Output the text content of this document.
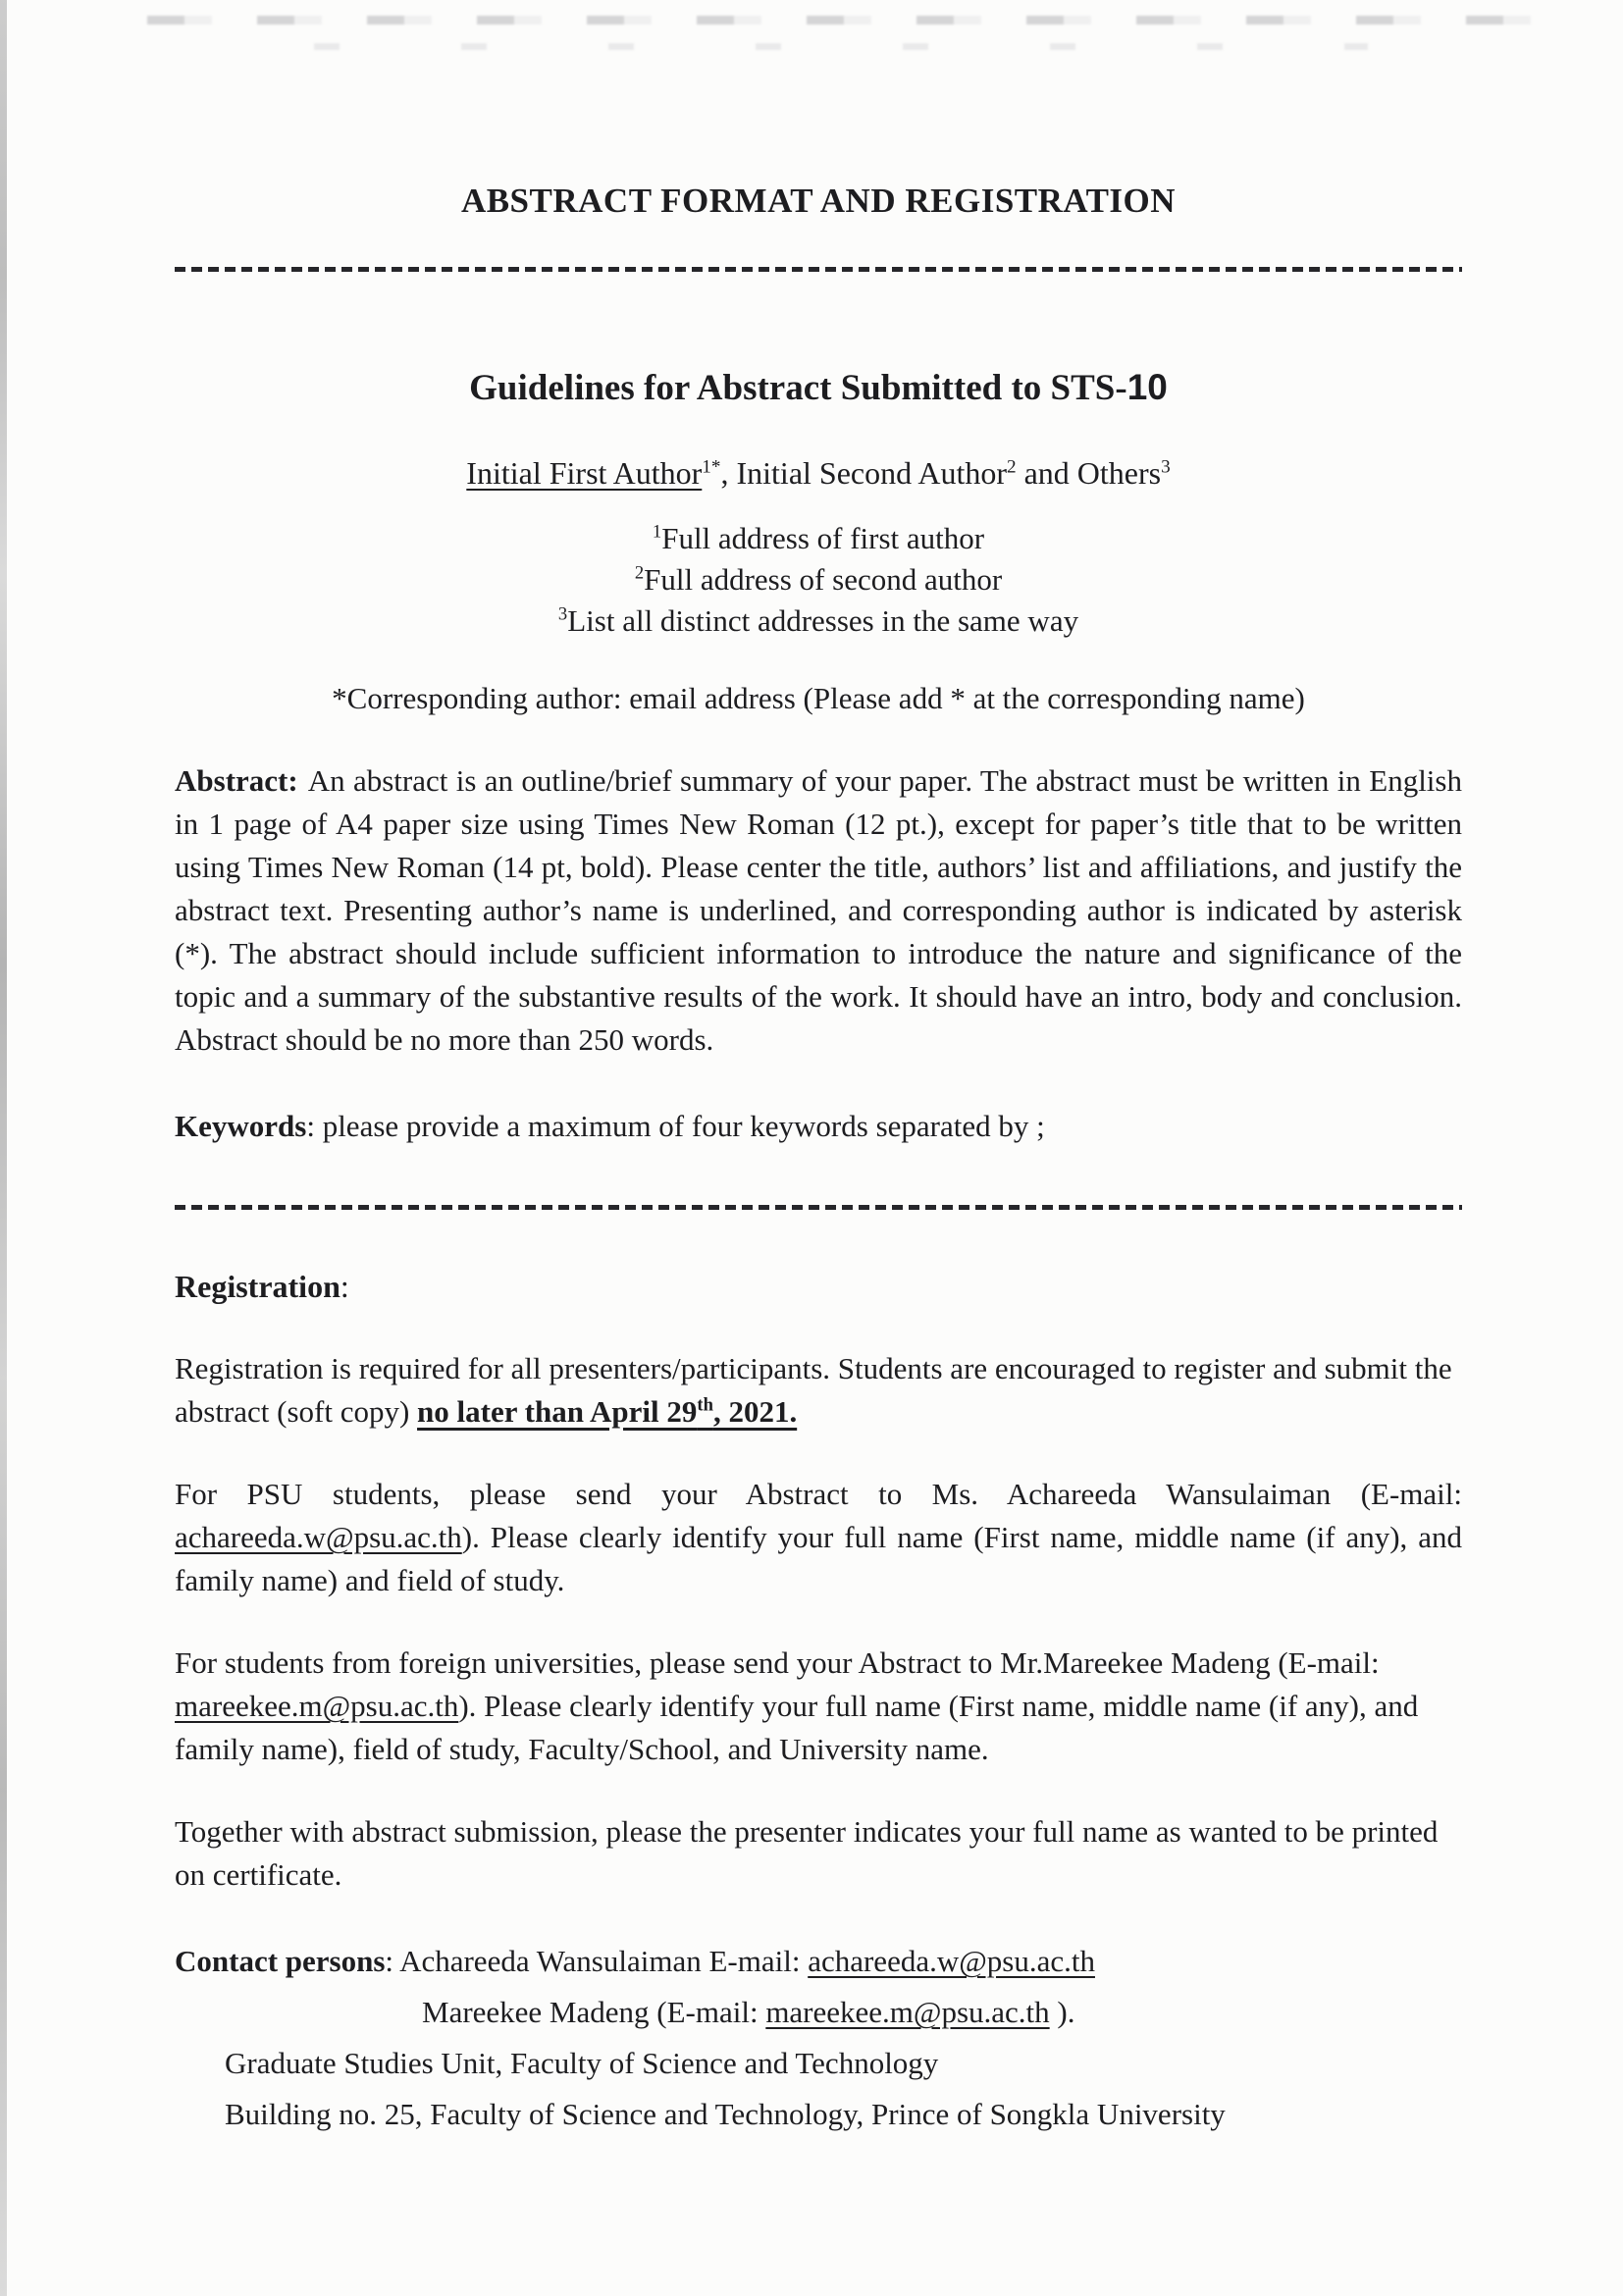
ABSTRACT FORMAT AND REGISTRATION
Guidelines for Abstract Submitted to STS-10
Initial First Author$^{1*}$, Initial Second Author$^2$ and Others$^3$
$^1$Full address of first author
$^2$Full address of second author
$^3$List all distinct addresses in the same way
*Corresponding author: email address (Please add * at the corresponding name)
Abstract: An abstract is an outline/brief summary of your paper. The abstract must be written in English in 1 page of A4 paper size using Times New Roman (12 pt.), except for paper’s title that to be written using Times New Roman (14 pt, bold). Please center the title, authors’ list and affiliations, and justify the abstract text. Presenting author’s name is underlined, and corresponding author is indicated by asterisk (*). The abstract should include sufficient information to introduce the nature and significance of the topic and a summary of the substantive results of the work. It should have an intro, body and conclusion. Abstract should be no more than 250 words.
Keywords: please provide a maximum of four keywords separated by ;
Registration:
Registration is required for all presenters/participants. Students are encouraged to register and submit the abstract (soft copy) no later than April 29th, 2021.
For PSU students, please send your Abstract to Ms. Achareeda Wansulaiman (E-mail: achareeda.w@psu.ac.th). Please clearly identify your full name (First name, middle name (if any), and family name) and field of study.
For students from foreign universities, please send your Abstract to Mr.Mareekee Madeng (E-mail: mareekee.m@psu.ac.th). Please clearly identify your full name (First name, middle name (if any), and family name), field of study, Faculty/School, and University name.
Together with abstract submission, please the presenter indicates your full name as wanted to be printed on certificate.
Contact persons: Achareeda Wansulaiman E-mail: achareeda.w@psu.ac.th
Mareekee Madeng (E-mail: mareekee.m@psu.ac.th ).
Graduate Studies Unit, Faculty of Science and Technology
Building no. 25, Faculty of Science and Technology, Prince of Songkla University
